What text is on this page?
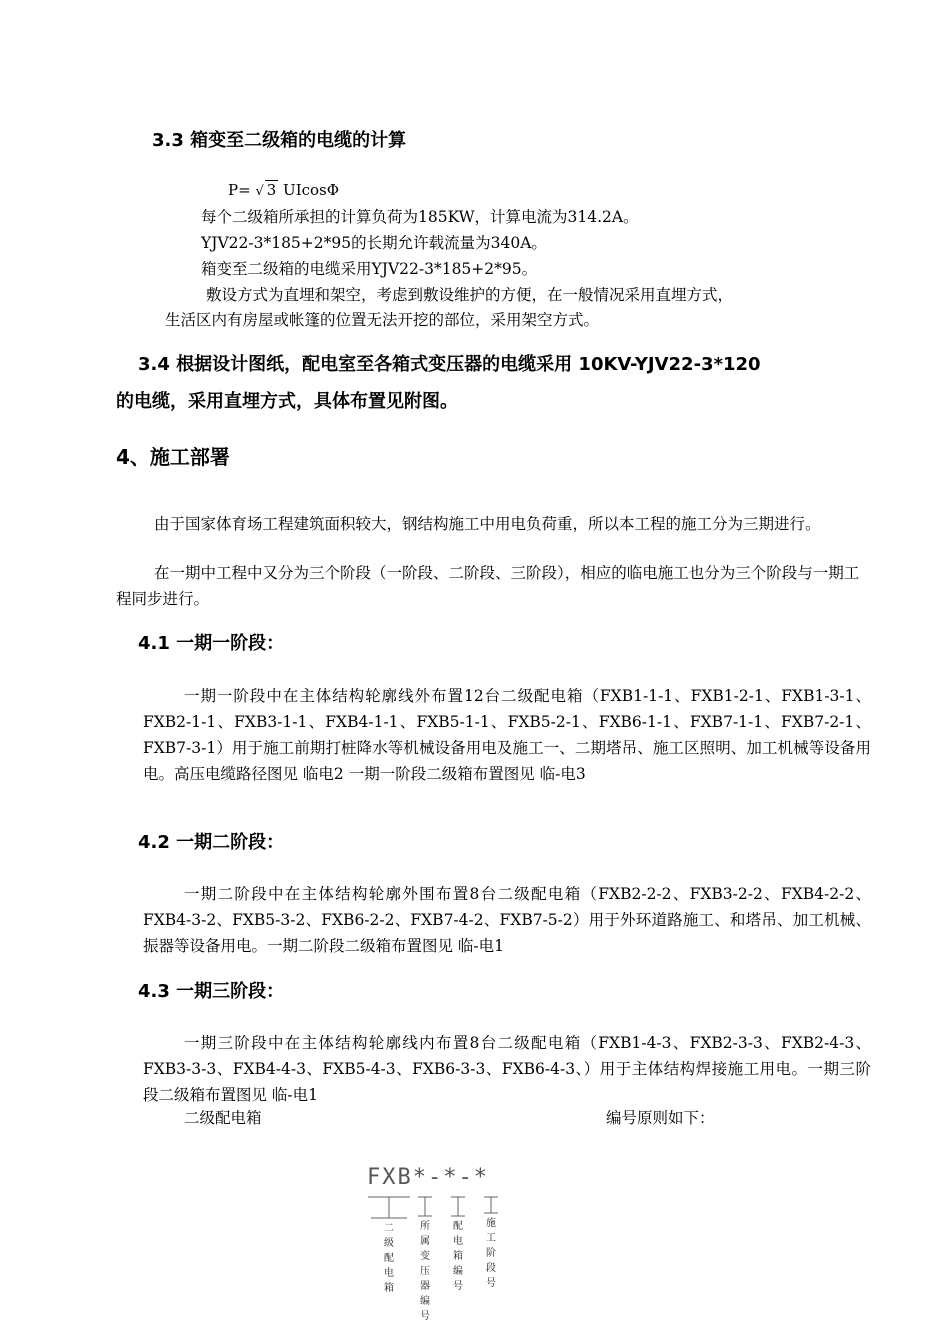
3.3 箱变至二级箱的电缆的计算
P= √ 3 UIcosΦ
每个二级箱所承担的计算负荷为185KW，计算电流为314.2A。
YJV22-3*185+2*95的长期允许载流量为340A。
箱变至二级箱的电缆采用YJV22-3*185+2*95。
敷设方式为直埋和架空，考虑到敷设维护的方便，在一般情况采用直埋方式，
生活区内有房屋或帐篷的位置无法开挖的部位，采用架空方式。
3.4 根据设计图纸，配电室至各箱式变压器的电缆采用 10KV-YJV22-3*120
的电缆，采用直埋方式，具体布置见附图。
4、施工部署
由于国家体育场工程建筑面积较大，钢结构施工中用电负荷重，所以本工程的施工分为三期进行。
在一期中工程中又分为三个阶段（一阶段、二阶段、三阶段），相应的临电施工也分为三个阶段与一期工程同步进行。
4.1 一期一阶段：
一期一阶段中在主体结构轮廓线外布置12台二级配电箱（FXB1-1-1、FXB1-2-1、FXB1-3-1、FXB2-1-1、FXB3-1-1、FXB4-1-1、FXB5-1-1、FXB5-2-1、FXB6-1-1、FXB7-1-1、FXB7-2-1、FXB7-3-1）用于施工前期打桩降水等机械设备用电及施工一、二期塔吊、施工区照明、加工机械等设备用电。高压电缆路径图见 临电2 一期一阶段二级箱布置图见 临-电3
4.2 一期二阶段：
一期二阶段中在主体结构轮廓外围布置8台二级配电箱（FXB2-2-2、FXB3-2-2、FXB4-2-2、FXB4-3-2、FXB5-3-2、FXB6-2-2、FXB7-4-2、FXB7-5-2）用于外环道路施工、和塔吊、加工机械、振器等设备用电。一期二阶段二级箱布置图见 临-电1
4.3 一期三阶段：
一期三阶段中在主体结构轮廓线内布置8台二级配电箱（FXB1-4-3、FXB2-3-3、FXB2-4-3、FXB3-3-3、FXB4-4-3、FXB5-4-3、FXB6-3-3、FXB6-4-3、）用于主体结构焊接施工用电。一期三阶段二级箱布置图见 临-电1
二级配电箱	编号原则如下：
FXB*-*-*
二级配电箱
所属变压器编号
配电箱编号
施工阶段号
